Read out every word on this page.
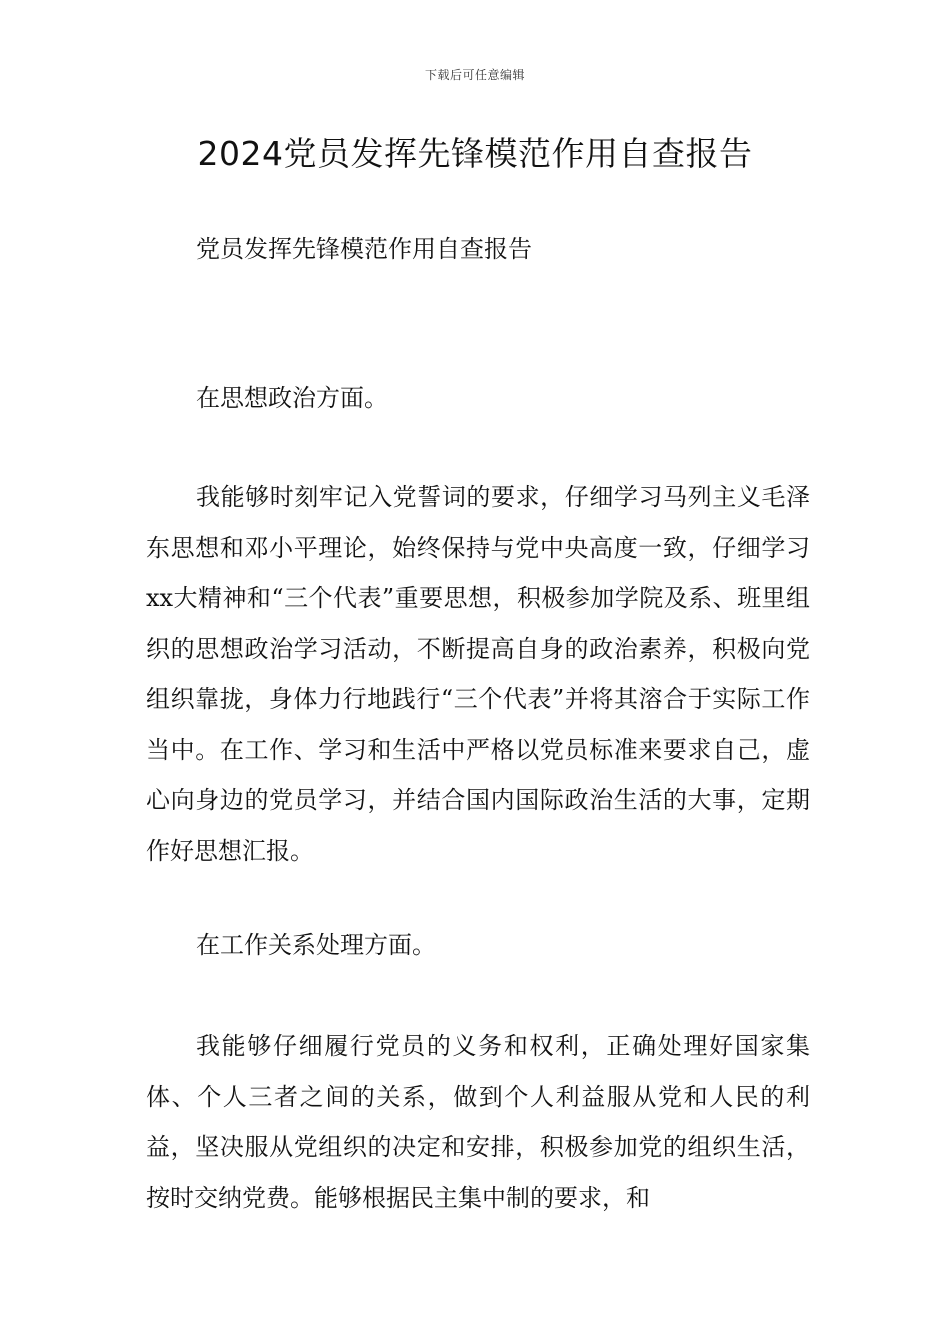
下载后可任意编辑
2024党员发挥先锋模范作用自查报告

党员发挥先锋模范作用自查报告

在思想政治方面。

我能够时刻牢记入党誓词的要求，仔细学习马列主义毛泽东思想和邓小平理论，始终保持与党中央高度一致，仔细学习xx大精神和“三个代表”重要思想，积极参加学院及系、班里组织的思想政治学习活动，不断提高自身的政治素养，积极向党组织靠拢，身体力行地践行“三个代表”并将其溶合于实际工作当中。在工作、学习和生活中严格以党员标准来要求自己，虚心向身边的党员学习，并结合国内国际政治生活的大事，定期作好思想汇报。

在工作关系处理方面。

我能够仔细履行党员的义务和权利，正确处理好国家集体、个人三者之间的关系，做到个人利益服从党和人民的利益，坚决服从党组织的决定和安排，积极参加党的组织生活，按时交纳党费。能够根据民主集中制的要求，和
